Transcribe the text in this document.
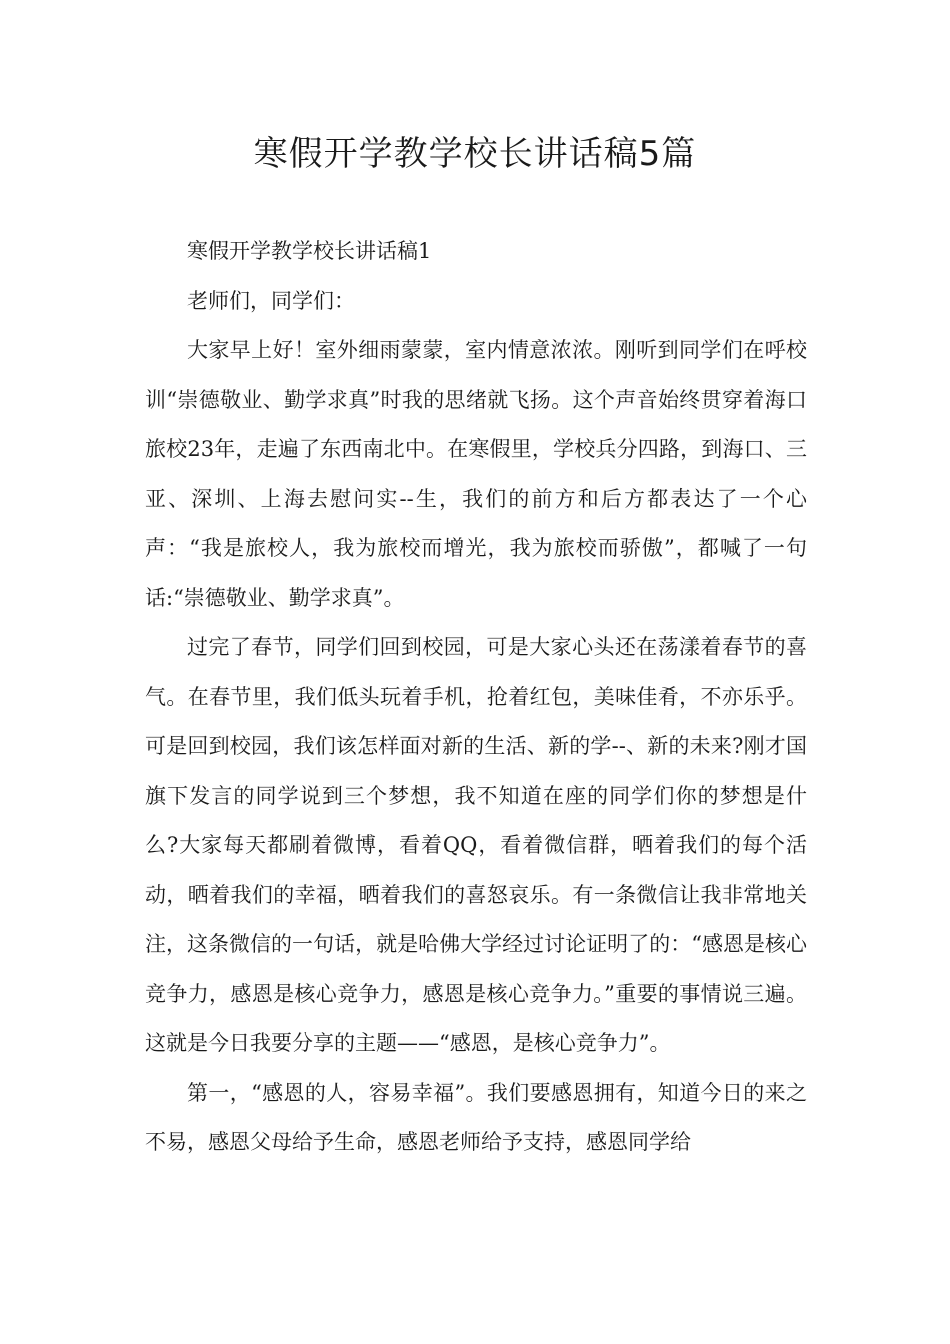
寒假开学教学校长讲话稿5篇

寒假开学教学校长讲话稿1

老师们，同学们：

大家早上好！室外细雨蒙蒙，室内情意浓浓。刚听到同学们在呼校训“崇德敬业、勤学求真”时我的思绪就飞扬。这个声音始终贯穿着海口旅校23年，走遍了东西南北中。在寒假里，学校兵分四路，到海口、三亚、深圳、上海去慰问实--生，我们的前方和后方都表达了一个心声：“我是旅校人，我为旅校而增光，我为旅校而骄傲”，都喊了一句话:“崇德敬业、勤学求真”。

过完了春节，同学们回到校园，可是大家心头还在荡漾着春节的喜气。在春节里，我们低头玩着手机，抢着红包，美味佳肴，不亦乐乎。可是回到校园，我们该怎样面对新的生活、新的学--、新的未来?刚才国旗下发言的同学说到三个梦想，我不知道在座的同学们你的梦想是什么?大家每天都刷着微博，看着QQ，看着微信群，晒着我们的每个活动，晒着我们的幸福，晒着我们的喜怒哀乐。有一条微信让我非常地关注，这条微信的一句话，就是哈佛大学经过讨论证明了的：“感恩是核心竞争力，感恩是核心竞争力，感恩是核心竞争力。”重要的事情说三遍。这就是今日我要分享的主题——“感恩，是核心竞争力”。

第一，“感恩的人，容易幸福”。我们要感恩拥有，知道今日的来之不易，感恩父母给予生命，感恩老师给予支持，感恩同学给
